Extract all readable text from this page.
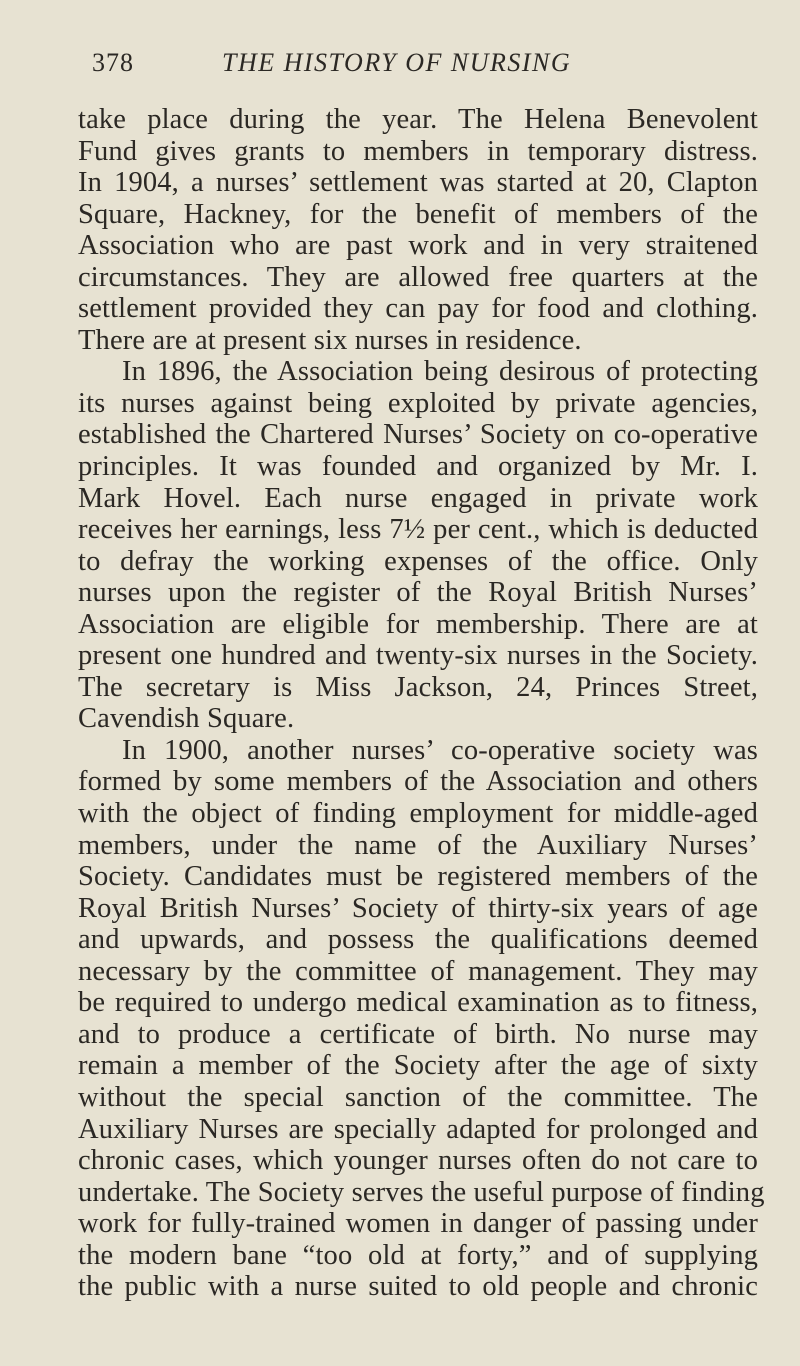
378	THE HISTORY OF NURSING
take place during the year. The Helena Benevolent
Fund gives grants to members in temporary distress.
In 1904, a nurses’ settlement was started at 20, Clapton
Square, Hackney, for the benefit of members of the
Association who are past work and in very straitened
circumstances. They are allowed free quarters at the
settlement provided they can pay for food and clothing.
There are at present six nurses in residence.
In 1896, the Association being desirous of protecting
its nurses against being exploited by private agencies,
established the Chartered Nurses’ Society on co-operative
principles. It was founded and organized by Mr. I.
Mark Hovel. Each nurse engaged in private work
receives her earnings, less 7½ per cent., which is deducted
to defray the working expenses of the office. Only
nurses upon the register of the Royal British Nurses’
Association are eligible for membership. There are at
present one hundred and twenty-six nurses in the Society.
The secretary is Miss Jackson, 24, Princes Street,
Cavendish Square.
In 1900, another nurses’ co-operative society was
formed by some members of the Association and others
with the object of finding employment for middle-aged
members, under the name of the Auxiliary Nurses’
Society. Candidates must be registered members of the
Royal British Nurses’ Society of thirty-six years of age
and upwards, and possess the qualifications deemed
necessary by the committee of management. They may
be required to undergo medical examination as to fitness,
and to produce a certificate of birth. No nurse may
remain a member of the Society after the age of sixty
without the special sanction of the committee. The
Auxiliary Nurses are specially adapted for prolonged and
chronic cases, which younger nurses often do not care to
undertake. The Society serves the useful purpose of finding
work for fully-trained women in danger of passing under
the modern bane “too old at forty,” and of supplying
the public with a nurse suited to old people and chronic
